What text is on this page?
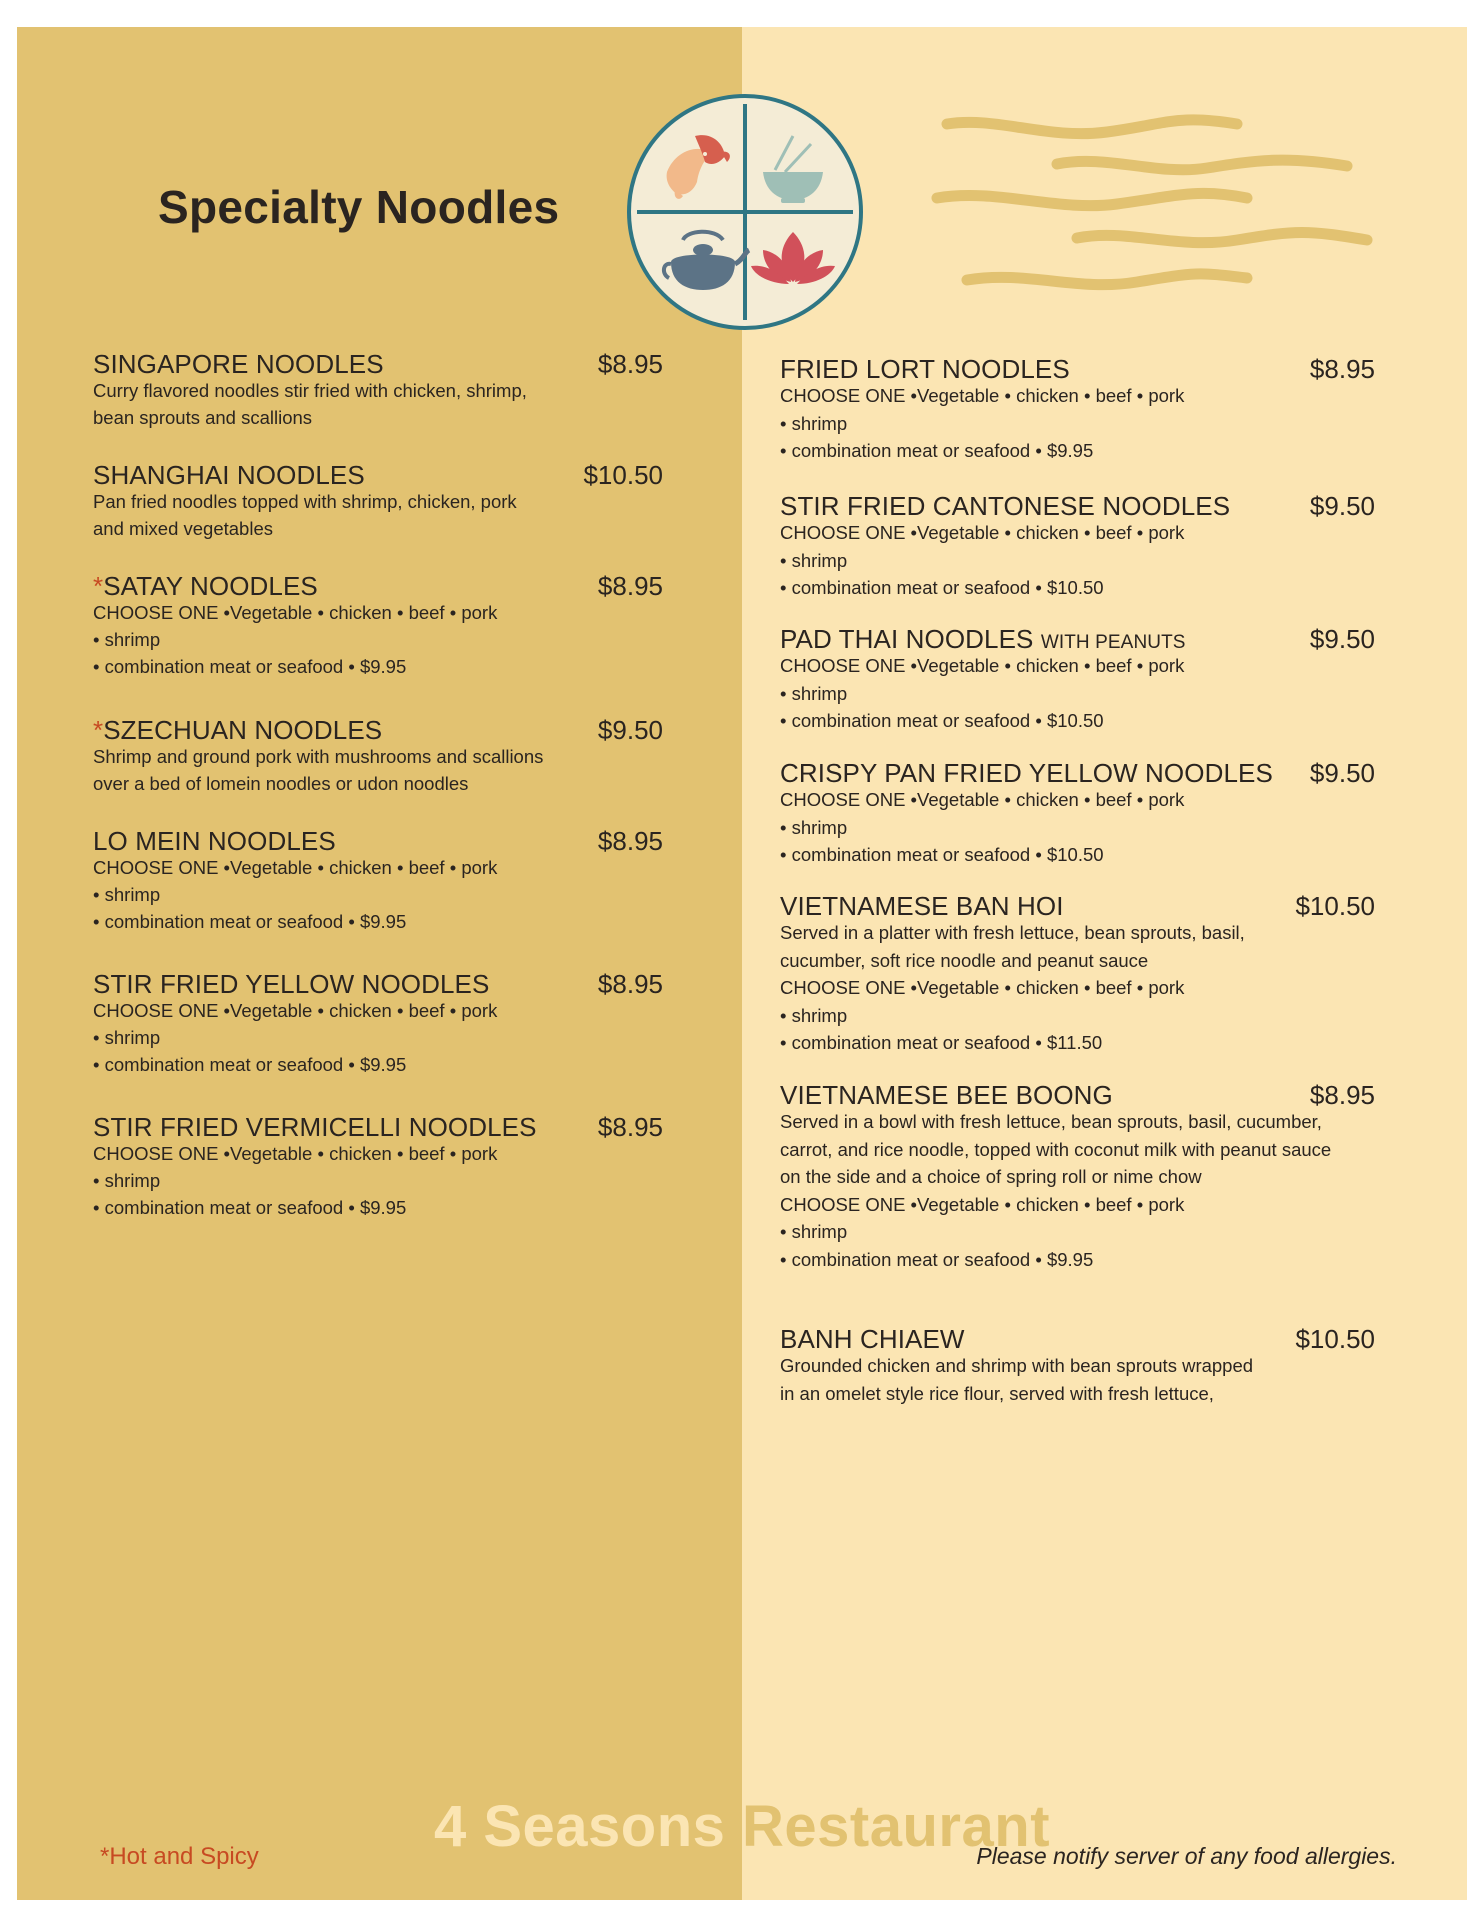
Specialty Noodles
4 Seasons Restaurant
*Hot and Spicy	Please notify server of any food allergies.
SINGAPORE NOODLES	$8.95
Curry flavored noodles stir fried with chicken, shrimp,
bean sprouts and scallions
SHANGHAI NOODLES	$10.50
Pan fried noodles topped with shrimp, chicken, pork
and mixed vegetables
*SATAY NOODLES	$8.95
CHOOSE ONE •Vegetable • chicken • beef • pork
• shrimp
• combination meat or seafood • $9.95
*SZECHUAN NOODLES	$9.50
Shrimp and ground pork with mushrooms and scallions
over a bed of lomein noodles or udon noodles
LO MEIN NOODLES	$8.95
CHOOSE ONE •Vegetable • chicken • beef • pork
• shrimp
• combination meat or seafood • $9.95
STIR FRIED YELLOW NOODLES	$8.95
CHOOSE ONE •Vegetable • chicken • beef • pork
• shrimp
• combination meat or seafood • $9.95
STIR FRIED VERMICELLI NOODLES $8.95
CHOOSE ONE •Vegetable • chicken • beef • pork
• shrimp
• combination meat or seafood • $9.95
FRIED LORT NOODLES	$8.95
CHOOSE ONE •Vegetable • chicken • beef • pork
• shrimp
• combination meat or seafood • $9.95
STIR FRIED CANTONESE NOODLES	$9.50
CHOOSE ONE •Vegetable • chicken • beef • pork
• shrimp
• combination meat or seafood • $10.50
PAD THAI NOODLES WITH PEANUTS	$9.50
CHOOSE ONE •Vegetable • chicken • beef • pork
• shrimp
• combination meat or seafood • $10.50
CRISPY PAN FRIED YELLOW NOODLES $9.50
CHOOSE ONE •Vegetable • chicken • beef • pork
• shrimp
• combination meat or seafood • $10.50
VIETNAMESE BAN HOI	$10.50
Served in a platter with fresh lettuce, bean sprouts, basil,
cucumber, soft rice noodle and peanut sauce
CHOOSE ONE •Vegetable • chicken • beef • pork
• shrimp
• combination meat or seafood • $11.50
VIETNAMESE BEE BOONG	$8.95
Served in a bowl with fresh lettuce, bean sprouts, basil, cucumber,
carrot, and rice noodle, topped with coconut milk with peanut sauce
on the side and a choice of spring roll or nime chow
CHOOSE ONE •Vegetable • chicken • beef • pork
• shrimp
• combination meat or seafood • $9.95
BANH CHIAEW	$10.50
Grounded chicken and shrimp with bean sprouts wrapped
in an omelet style rice flour, served with fresh lettuce,
